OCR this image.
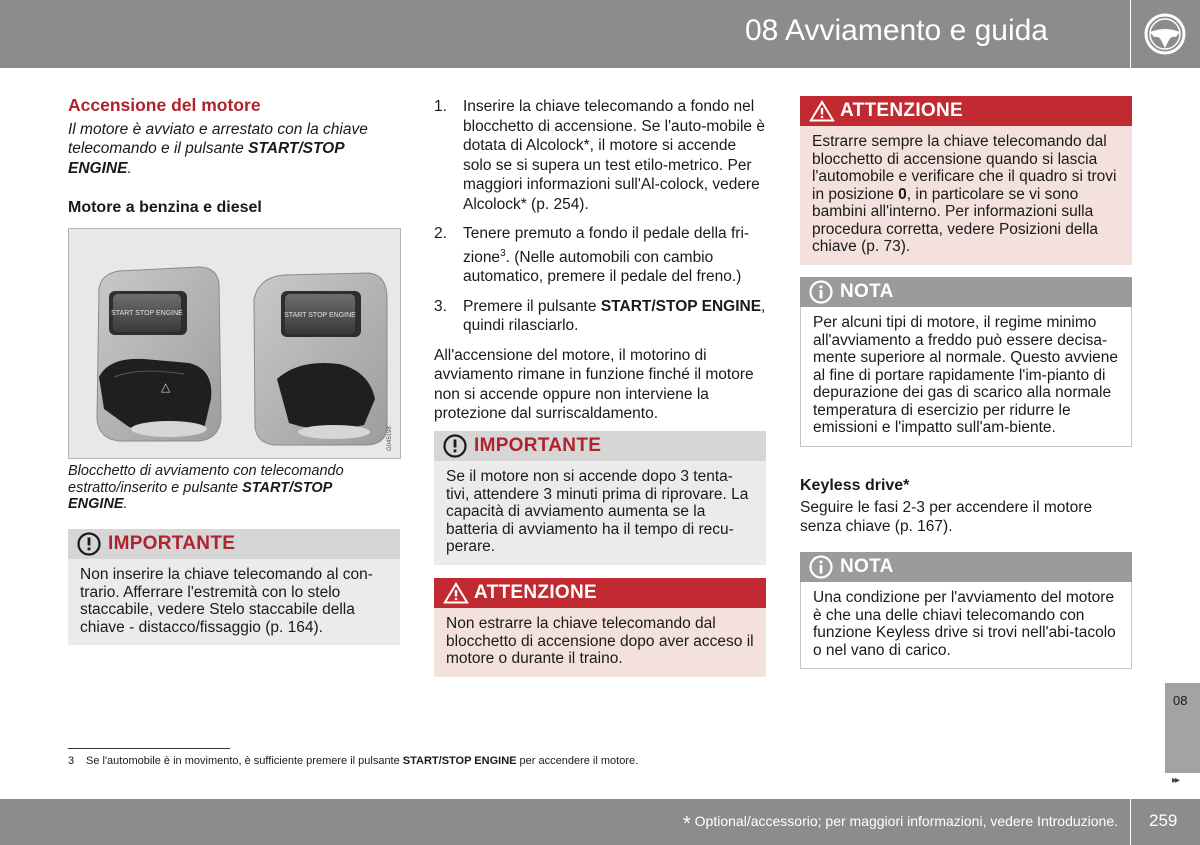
08 Avviamento e guida
Accensione del motore

Il motore è avviato e arrestato con la chiave telecomando e il pulsante START/STOP ENGINE.

Motore a benzina e diesel
START STOP ENGINE
△
START STOP ENGINE
G045198
Blocchetto di avviamento con telecomando estratto/inserito e pulsante START/STOP ENGINE.
IMPORTANTE
Non inserire la chiave telecomando al con-trario. Afferrare l'estremità con lo stelo staccabile, vedere Stelo staccabile della chiave - distacco/fissaggio (p. 164).
1. Inserire la chiave telecomando a fondo nel blocchetto di accensione. Se l'auto-mobile è dotata di Alcolock*, il motore si accende solo se si supera un test etilo-metrico. Per maggiori informazioni sull'Al-colock, vedere Alcolock* (p. 254).
2. Tenere premuto a fondo il pedale della fri-zione$^3$. (Nelle automobili con cambio automatico, premere il pedale del freno.)
3. Premere il pulsante START/STOP ENGINE, quindi rilasciarlo.

All'accensione del motore, il motorino di avviamento rimane in funzione finché il motore non si accende oppure non interviene la protezione dal surriscaldamento.

IMPORTANTE
Se il motore non si accende dopo 3 tenta-tivi, attendere 3 minuti prima di riprovare. La capacità di avviamento aumenta se la batteria di avviamento ha il tempo di recu-perare.
ATTENZIONE
Non estrarre la chiave telecomando dal blocchetto di accensione dopo aver acceso il motore o durante il traino.
ATTENZIONE
Estrarre sempre la chiave telecomando dal blocchetto di accensione quando si lascia l'automobile e verificare che il quadro si trovi in posizione 0, in particolare se vi sono bambini all'interno. Per informazioni sulla procedura corretta, vedere Posizioni della chiave (p. 73).
NOTA
Per alcuni tipi di motore, il regime minimo all'avviamento a freddo può essere decisa-mente superiore al normale. Questo avviene al fine di portare rapidamente l'im-pianto di depurazione dei gas di scarico alla normale temperatura di esercizio per ridurre le emissioni e l'impatto sull'am-biente.
Keyless drive*

Seguire le fasi 2-3 per accendere il motore senza chiave (p. 167).

NOTA
Una condizione per l'avviamento del motore è che una delle chiavi telecomando con funzione Keyless drive si trovi nell'abi-tacolo o nel vano di carico.
3 Se l'automobile è in movimento, è sufficiente premere il pulsante START/STOP ENGINE per accendere il motore.
08
▸▸
* Optional/accessorio; per maggiori informazioni, vedere Introduzione. 259
